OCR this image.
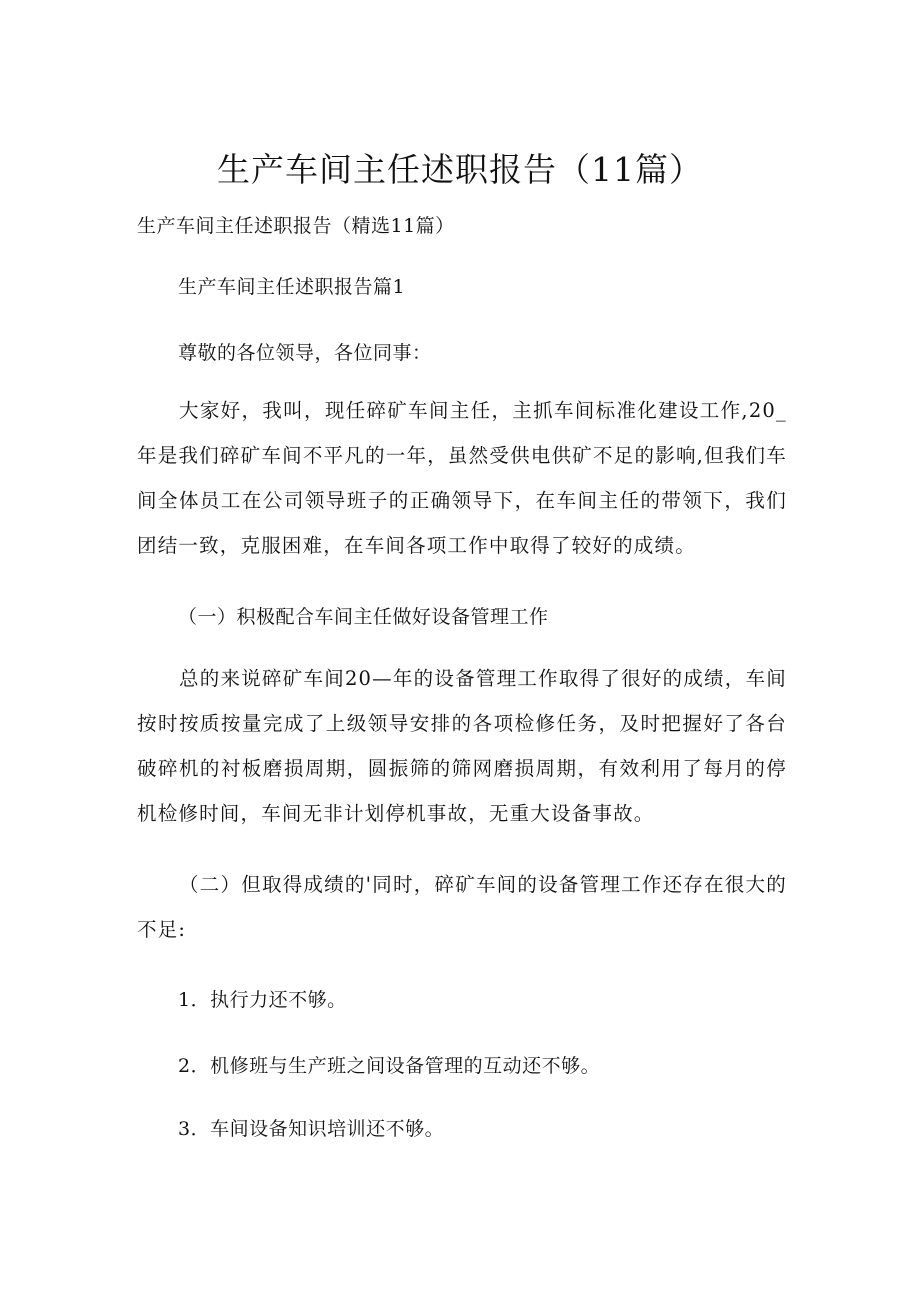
生产车间主任述职报告（11篇）
生产车间主任述职报告（精选11篇）
生产车间主任述职报告篇1
尊敬的各位领导，各位同事：

大家好，我叫，现任碎矿车间主任，主抓车间标准化建设工作,20_年是我们碎矿车间不平凡的一年，虽然受供电供矿不足的影响,但我们车间全体员工在公司领导班子的正确领导下，在车间主任的带领下，我们团结一致，克服困难，在车间各项工作中取得了较好的成绩。

（一）积极配合车间主任做好设备管理工作

总的来说碎矿车间20—年的设备管理工作取得了很好的成绩，车间按时按质按量完成了上级领导安排的各项检修任务，及时把握好了各台破碎机的衬板磨损周期，圆振筛的筛网磨损周期，有效利用了每月的停机检修时间，车间无非计划停机事故，无重大设备事故。

（二）但取得成绩的'同时，碎矿车间的设备管理工作还存在很大的不足:

1．执行力还不够。
2．机修班与生产班之间设备管理的互动还不够。
3．车间设备知识培训还不够。
